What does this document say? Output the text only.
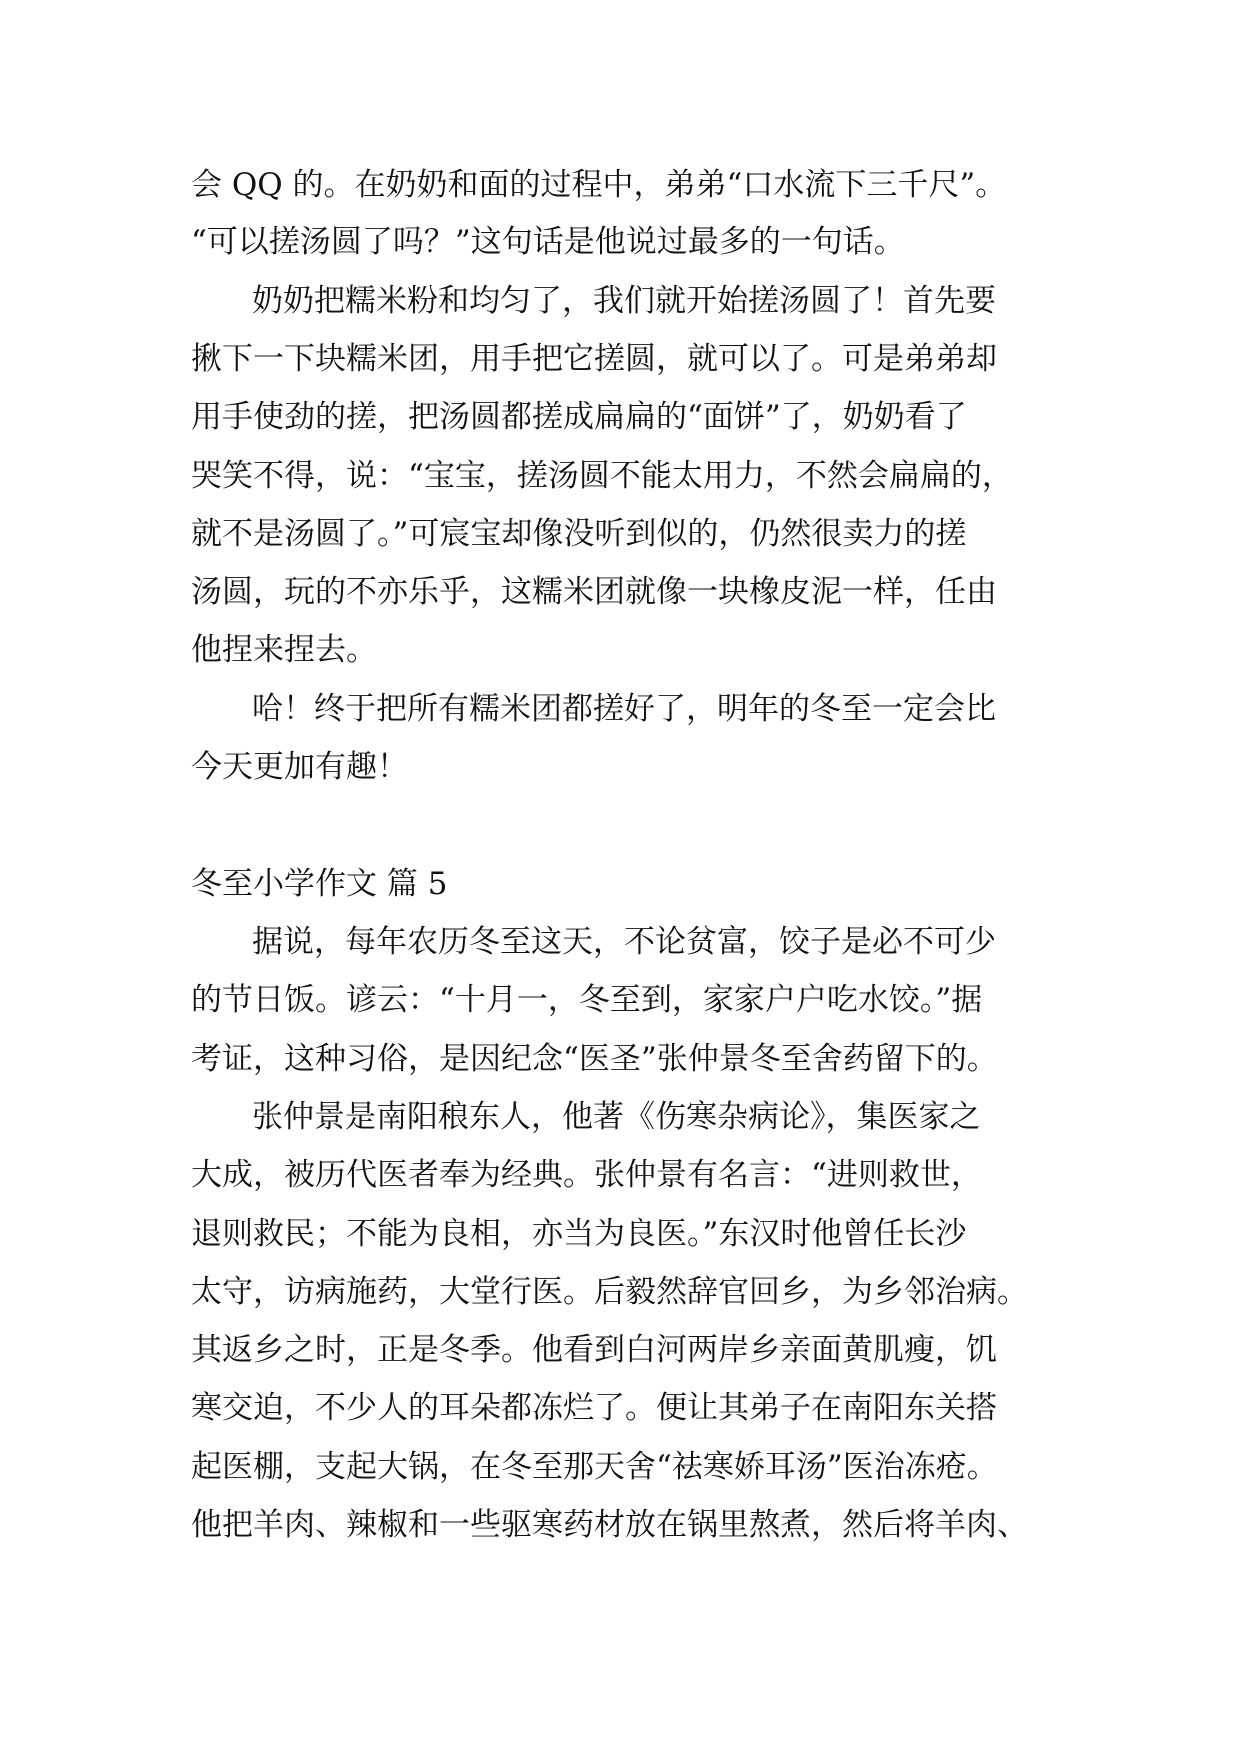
会 QQ 的。在奶奶和面的过程中，弟弟“口水流下三千尺”。
“可以搓汤圆了吗？”这句话是他说过最多的一句话。
奶奶把糯米粉和均匀了，我们就开始搓汤圆了！首先要
揪下一下块糯米团，用手把它搓圆，就可以了。可是弟弟却
用手使劲的搓，把汤圆都搓成扁扁的“面饼”了，奶奶看了
哭笑不得，说：“宝宝，搓汤圆不能太用力，不然会扁扁的，
就不是汤圆了。”可宸宝却像没听到似的，仍然很卖力的搓
汤圆，玩的不亦乐乎，这糯米团就像一块橡皮泥一样，任由
他捏来捏去。
哈！终于把所有糯米团都搓好了，明年的冬至一定会比
今天更加有趣！
冬至小学作文 篇 5
据说，每年农历冬至这天，不论贫富，饺子是必不可少
的节日饭。谚云：“十月一，冬至到，家家户户吃水饺。”据
考证，这种习俗，是因纪念“医圣”张仲景冬至舍药留下的。
张仲景是南阳稂东人，他著《伤寒杂病论》，集医家之
大成，被历代医者奉为经典。张仲景有名言：“进则救世，
退则救民；不能为良相，亦当为良医。”东汉时他曾任长沙
太守，访病施药，大堂行医。后毅然辞官回乡，为乡邻治病。
其返乡之时，正是冬季。他看到白河两岸乡亲面黄肌瘦，饥
寒交迫，不少人的耳朵都冻烂了。便让其弟子在南阳东关搭
起医棚，支起大锅，在冬至那天舍“祛寒娇耳汤”医治冻疮。
他把羊肉、辣椒和一些驱寒药材放在锅里熬煮，然后将羊肉、
